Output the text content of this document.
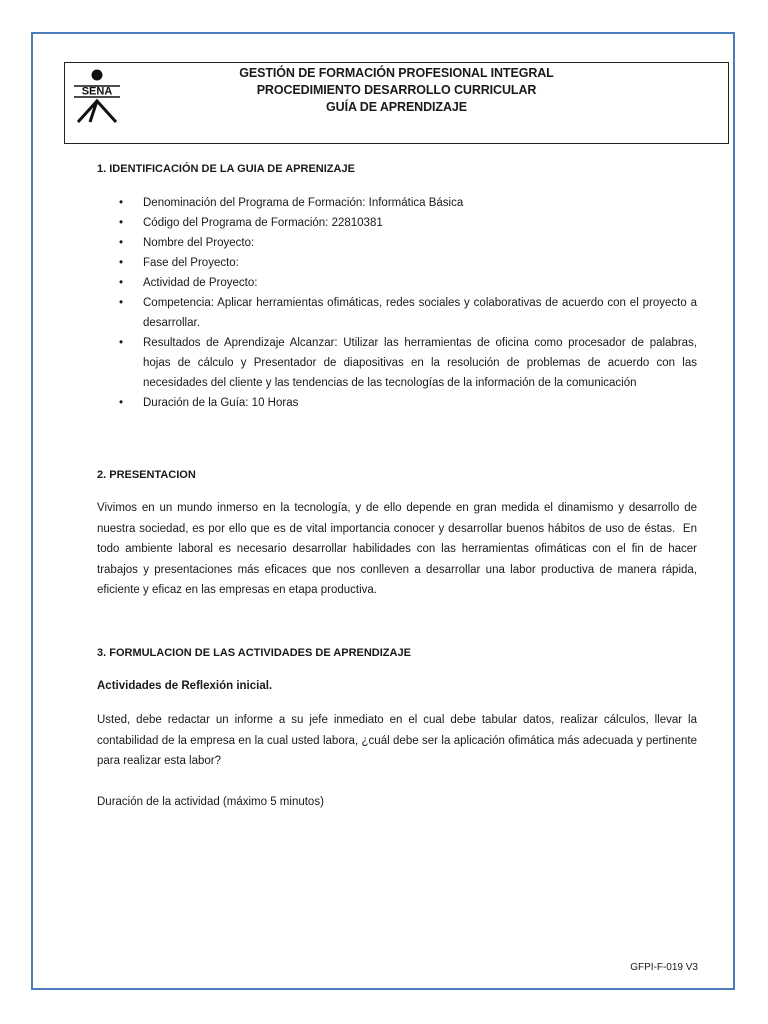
SENA
GESTIÓN DE FORMACIÓN PROFESIONAL INTEGRAL
PROCEDIMIENTO DESARROLLO CURRICULAR
GUÍA DE APRENDIZAJE
1. IDENTIFICACIÓN DE LA GUIA DE APRENIZAJE
• Denominación del Programa de Formación: Informática Básica
• Código del Programa de Formación: 22810381
• Nombre del Proyecto:
• Fase del Proyecto:
• Actividad de Proyecto:
• Competencia: Aplicar herramientas ofimáticas, redes sociales y colaborativas de acuerdo con el proyecto a desarrollar.
• Resultados de Aprendizaje Alcanzar: Utilizar las herramientas de oficina como procesador de palabras, hojas de cálculo y Presentador de diapositivas en la resolución de problemas de acuerdo con las necesidades del cliente y las tendencias de las tecnologías de la información de la comunicación
• Duración de la Guía: 10 Horas
2. PRESENTACION

Vivimos en un mundo inmerso en la tecnología, y de ello depende en gran medida el dinamismo y desarrollo de nuestra sociedad, es por ello que es de vital importancia conocer y desarrollar buenos hábitos de uso de éstas.  En todo ambiente laboral es necesario desarrollar habilidades con las herramientas ofimáticas con el fin de hacer trabajos y presentaciones más eficaces que nos conlleven a desarrollar una labor productiva de manera rápida, eficiente y eficaz en las empresas en etapa productiva.

3. FORMULACION DE LAS ACTIVIDADES DE APRENDIZAJE
Actividades de Reflexión inicial.

Usted, debe redactar un informe a su jefe inmediato en el cual debe tabular datos, realizar cálculos, llevar la contabilidad de la empresa en la cual usted labora, ¿cuál debe ser la aplicación ofimática más adecuada y pertinente para realizar esta labor?

Duración de la actividad (máximo 5 minutos)

GFPI-F-019 V3
